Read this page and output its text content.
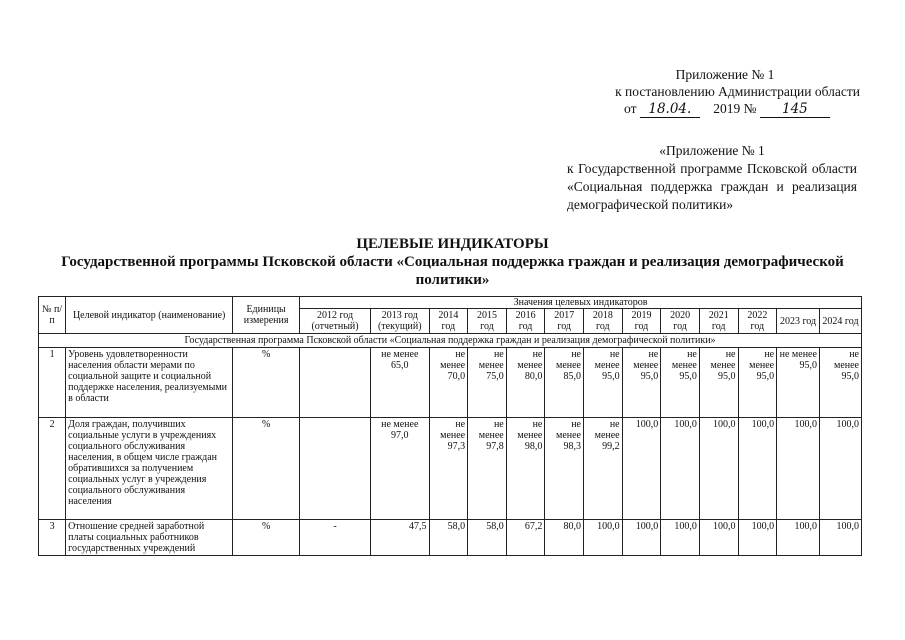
Приложение № 1
к постановлению Администрации области
от 18.04. 2019 № 145
«Приложение № 1
к Государственной программе Псковской области «Социальная поддержка граждан и реализация демографической политики»
ЦЕЛЕВЫЕ ИНДИКАТОРЫ
Государственной программы Псковской области «Социальная поддержка граждан и реализация демографической политики»
№ п/п	Целевой индикатор (наименование)	Единицы измерения	Значения целевых индикаторов												
			2012 год (отчетный)	2013 год (текущий)	2014 год	2015 год	2016 год	2017 год	2018 год	2019 год	2020 год	2021 год	2022 год	2023 год	2024 год
Государственная программа Псковской области «Социальная поддержка граждан и реализация демографической политики»															
1	Уровень удовлетворенности населения области мерами по социальной защите и социальной поддержке населения, реализуемыми в области	%		не менее 65,0	не менее 70,0	не менее 75,0	не менее 80,0	не менее 85,0	не менее 95,0	не менее 95,0	не менее 95,0	не менее 95,0	не менее 95,0	не менее 95,0	не менее 95,0
2	Доля граждан, получивших социальные услуги в учреждениях социального обслуживания населения, в общем числе граждан обратившихся за получением социальных услуг в учреждения социального обслуживания населения	%		не менее 97,0	не менее 97,3	не менее 97,8	не менее 98,0	не менее 98,3	не менее 99,2	100,0	100,0	100,0	100,0	100,0	100,0
3	Отношение средней заработной платы социальных работников государственных учреждений	%	-	47,5	58,0	58,0	67,2	80,0	100,0	100,0	100,0	100,0	100,0	100,0	100,0
